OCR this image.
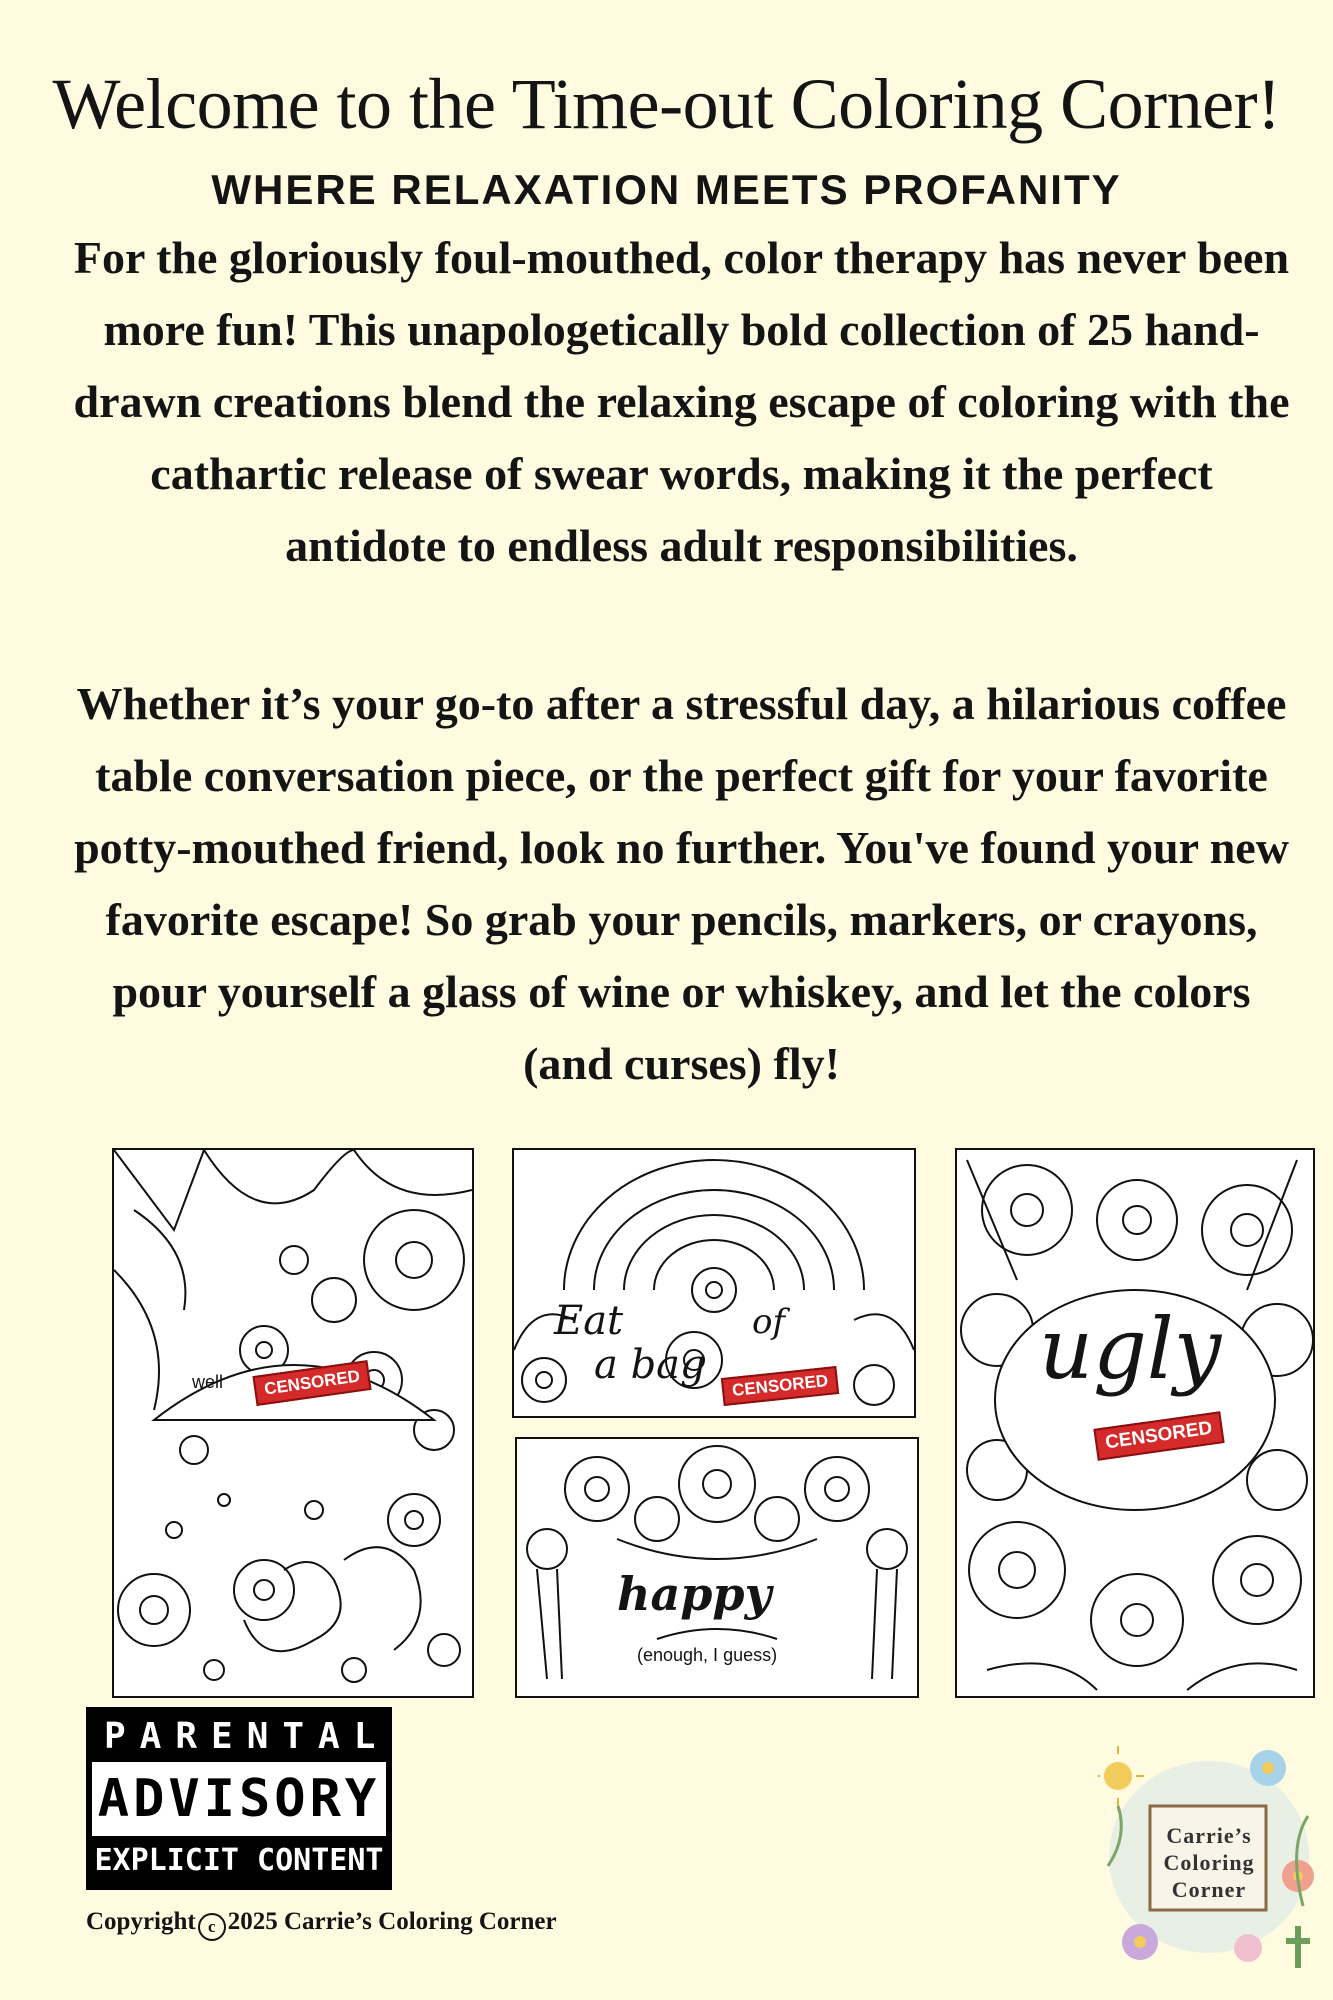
Welcome to the Time-out Coloring Corner!
WHERE RELAXATION MEETS PROFANITY

For the gloriously foul-mouthed, color therapy has never been more fun! This unapologetically bold collection of 25 hand-drawn creations blend the relaxing escape of coloring with the cathartic release of swear words, making it the perfect antidote to endless adult responsibilities.

Whether it’s your go-to after a stressful day, a hilarious coffee table conversation piece, or the perfect gift for your favorite potty-mouthed friend, look no further. You've found your new favorite escape! So grab your pencils, markers, or crayons, pour yourself a glass of wine or whiskey, and let the colors (and curses) fly!

well	CENSORED
Eat
a bag
of
CENSORED
happy
(enough, I guess)
ugly
CENSORED
PARENTAL
ADVISORY
EXPLICIT CONTENT

Copyright c 2025 Carrie’s Coloring Corner

Carrie’s
Coloring
Corner
